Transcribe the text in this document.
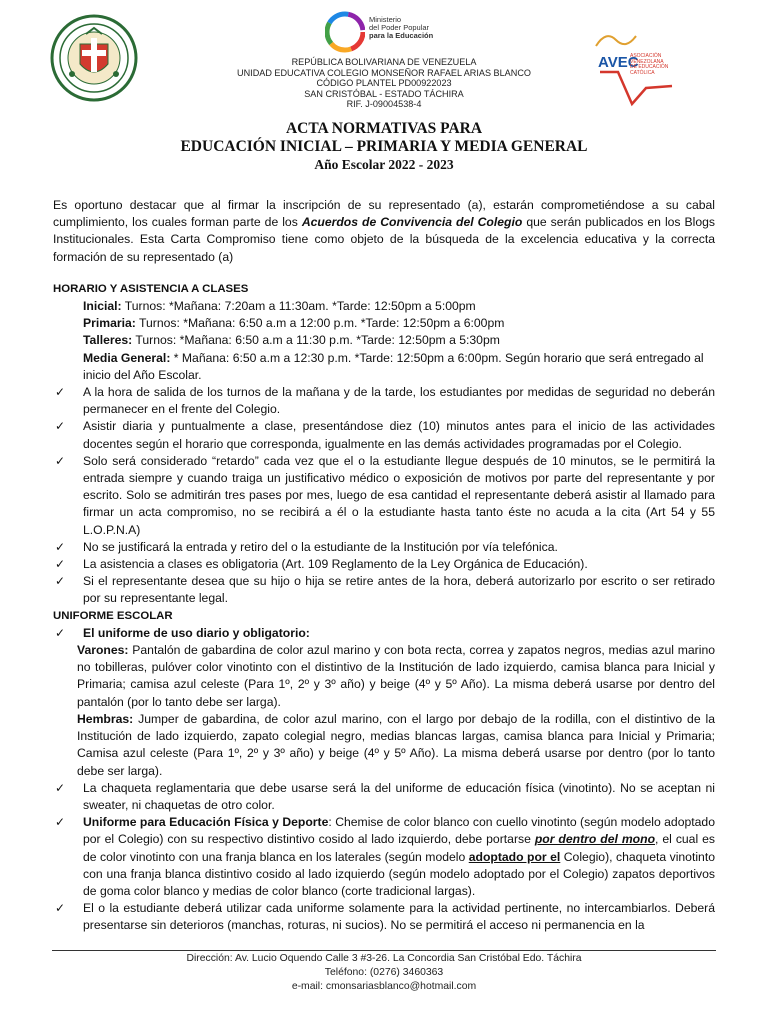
Ministerio
del Poder Popular
para la Educación
AVEC
ASOCIACIÓN VENEZOLANA DE EDUCACIÓN CATÓLICA
REPÚBLICA BOLIVARIANA DE VENEZUELA
UNIDAD EDUCATIVA COLEGIO MONSEÑOR RAFAEL ARIAS BLANCO
CÓDIGO PLANTEL PD00922023
SAN CRISTÓBAL - ESTADO TÁCHIRA
RIF. J-09004538-4
ACTA NORMATIVAS PARA
EDUCACIÓN INICIAL – PRIMARIA Y MEDIA GENERAL
Año Escolar 2022 - 2023

Es oportuno destacar que al firmar la inscripción de su representado (a), estarán comprometiéndose a su cabal cumplimiento, los cuales forman parte de los Acuerdos de Convivencia del Colegio que serán publicados en los Blogs Institucionales. Esta Carta Compromiso tiene como objeto de la búsqueda de la excelencia educativa y la correcta formación de su representado (a)

HORARIO Y ASISTENCIA A CLASES

Inicial: Turnos: *Mañana: 7:20am a 11:30am. *Tarde: 12:50pm a 5:00pm

Primaria: Turnos: *Mañana: 6:50 a.m a 12:00 p.m. *Tarde: 12:50pm a 6:00pm

Talleres: Turnos: *Mañana: 6:50 a.m a 11:30 p.m. *Tarde: 12:50pm a 5:30pm

Media General: * Mañana: 6:50 a.m a 12:30 p.m. *Tarde: 12:50pm a 6:00pm. Según horario que será entregado al inicio del Año Escolar.

✓ A la hora de salida de los turnos de la mañana y de la tarde, los estudiantes por medidas de seguridad no deberán permanecer en el frente del Colegio.

✓ Asistir diaria y puntualmente a clase, presentándose diez (10) minutos antes para el inicio de las actividades docentes según el horario que corresponda, igualmente en las demás actividades programadas por el Colegio.

✓ Solo será considerado “retardo” cada vez que el o la estudiante llegue después de 10 minutos, se le permitirá la entrada siempre y cuando traiga un justificativo médico o exposición de motivos por parte del representante y por escrito. Solo se admitirán tres pases por mes, luego de esa cantidad el representante deberá asistir al llamado para firmar un acta compromiso, no se recibirá a él o la estudiante hasta tanto éste no acuda a la cita (Art 54 y 55 L.O.P.N.A)

✓ No se justificará la entrada y retiro del o la estudiante de la Institución por vía telefónica.

✓ La asistencia a clases es obligatoria (Art. 109 Reglamento de la Ley Orgánica de Educación).

✓ Si el representante desea que su hijo o hija se retire antes de la hora, deberá autorizarlo por escrito o ser retirado por su representante legal.

UNIFORME ESCOLAR

✓ El uniforme de uso diario y obligatorio:

Varones: Pantalón de gabardina de color azul marino y con bota recta, correa y zapatos negros, medias azul marino no tobilleras, pulóver color vinotinto con el distintivo de la Institución de lado izquierdo, camisa blanca para Inicial y Primaria; camisa azul celeste (Para 1º, 2º y 3º año) y beige (4º y 5º Año). La misma deberá usarse por dentro del pantalón (por lo tanto debe ser larga).

Hembras: Jumper de gabardina, de color azul marino, con el largo por debajo de la rodilla, con el distintivo de la Institución de lado izquierdo, zapato colegial negro, medias blancas largas, camisa blanca para Inicial y Primaria; Camisa azul celeste (Para 1º, 2º y 3º año) y beige (4º y 5º Año). La misma deberá usarse por dentro (por lo tanto debe ser larga).

✓ La chaqueta reglamentaria que debe usarse será la del uniforme de educación física (vinotinto). No se aceptan ni sweater, ni chaquetas de otro color.

✓ Uniforme para Educación Física y Deporte: Chemise de color blanco con cuello vinotinto (según modelo adoptado por el Colegio) con su respectivo distintivo cosido al lado izquierdo, debe portarse por dentro del mono, el cual es de color vinotinto con una franja blanca en los laterales (según modelo adoptado por el Colegio), chaqueta vinotinto con una franja blanca distintivo cosido al lado izquierdo (según modelo adoptado por el Colegio) zapatos deportivos de goma color blanco y medias de color blanco (corte tradicional largas).

✓ El o la estudiante deberá utilizar cada uniforme solamente para la actividad pertinente, no intercambiarlos. Deberá presentarse sin deterioros (manchas, roturas, ni sucios). No se permitirá el acceso ni permanencia en la

Dirección: Av. Lucio Oquendo Calle 3 #3-26. La Concordia San Cristóbal Edo. Táchira
Teléfono: (0276) 3460363
e-mail: cmonsariasblanco@hotmail.com
